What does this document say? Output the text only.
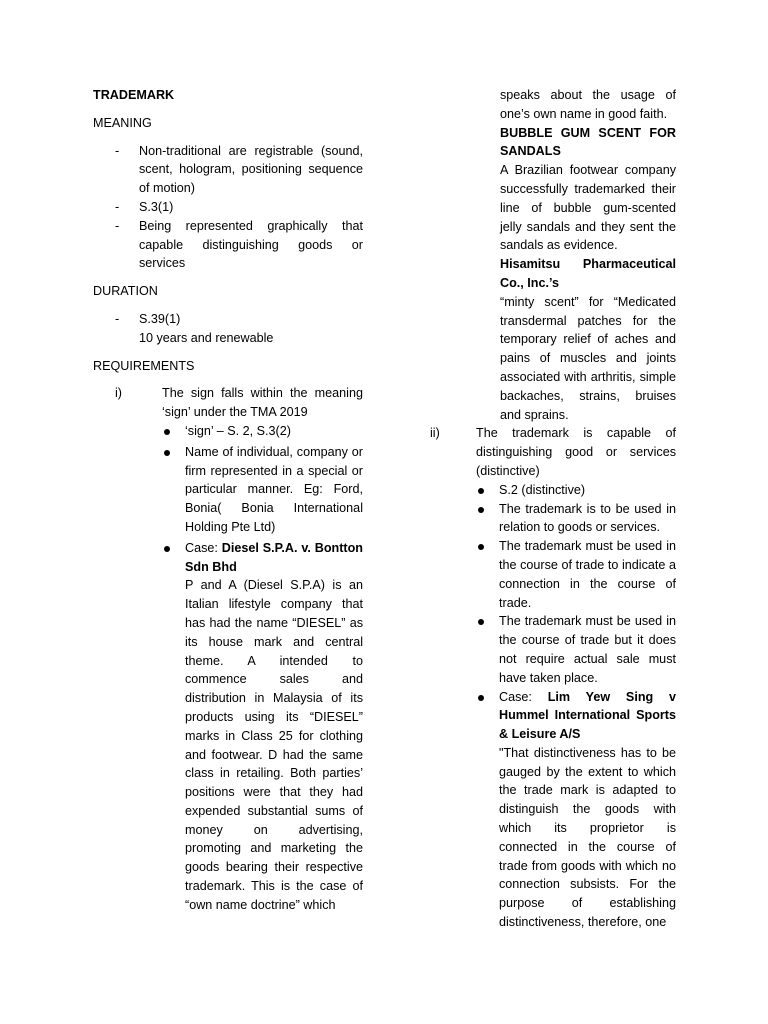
TRADEMARK
MEANING
- Non-traditional are registrable (sound, scent, hologram, positioning sequence of motion)
- S.3(1)
- Being represented graphically that capable distinguishing goods or services
DURATION
- S.39(1)
10 years and renewable
REQUIREMENTS
i)	The sign falls within the meaning ‘sign’ under the TMA 2019
‘sign’ – S. 2, S.3(2)
Name of individual, company or firm represented in a special or particular manner. Eg: Ford, Bonia( Bonia International Holding Pte Ltd)
Case: Diesel S.P.A. v. Bontton Sdn Bhd
P and A (Diesel S.P.A) is an Italian lifestyle company that has had the name “DIESEL” as its house mark and central theme. A intended to commence sales and distribution in Malaysia of its products using its “DIESEL” marks in Class 25 for clothing and footwear. D had the same class in retailing. Both parties’ positions were that they had expended substantial sums of money on advertising, promoting and marketing the goods bearing their respective trademark. This is the case of “own name doctrine” which
speaks about the usage of one’s own name in good faith.
BUBBLE GUM SCENT FOR SANDALS
A Brazilian footwear company successfully trademarked their line of bubble gum-scented jelly sandals and they sent the sandals as evidence.
Hisamitsu Pharmaceutical Co., Inc.’s
“minty scent” for “Medicated transdermal patches for the temporary relief of aches and pains of muscles and joints associated with arthritis, simple backaches, strains, bruises and sprains.
ii)	The trademark is capable of distinguishing good or services (distinctive)
S.2 (distinctive)
The trademark is to be used in relation to goods or services.
The trademark must be used in the course of trade to indicate a connection in the course of trade.
The trademark must be used in the course of trade but it does not require actual sale must have taken place.
Case: Lim Yew Sing v Hummel International Sports & Leisure A/S
"That distinctiveness has to be gauged by the extent to which the trade mark is adapted to distinguish the goods with which its proprietor is connected in the course of trade from goods with which no connection subsists. For the purpose of establishing distinctiveness, therefore, one
